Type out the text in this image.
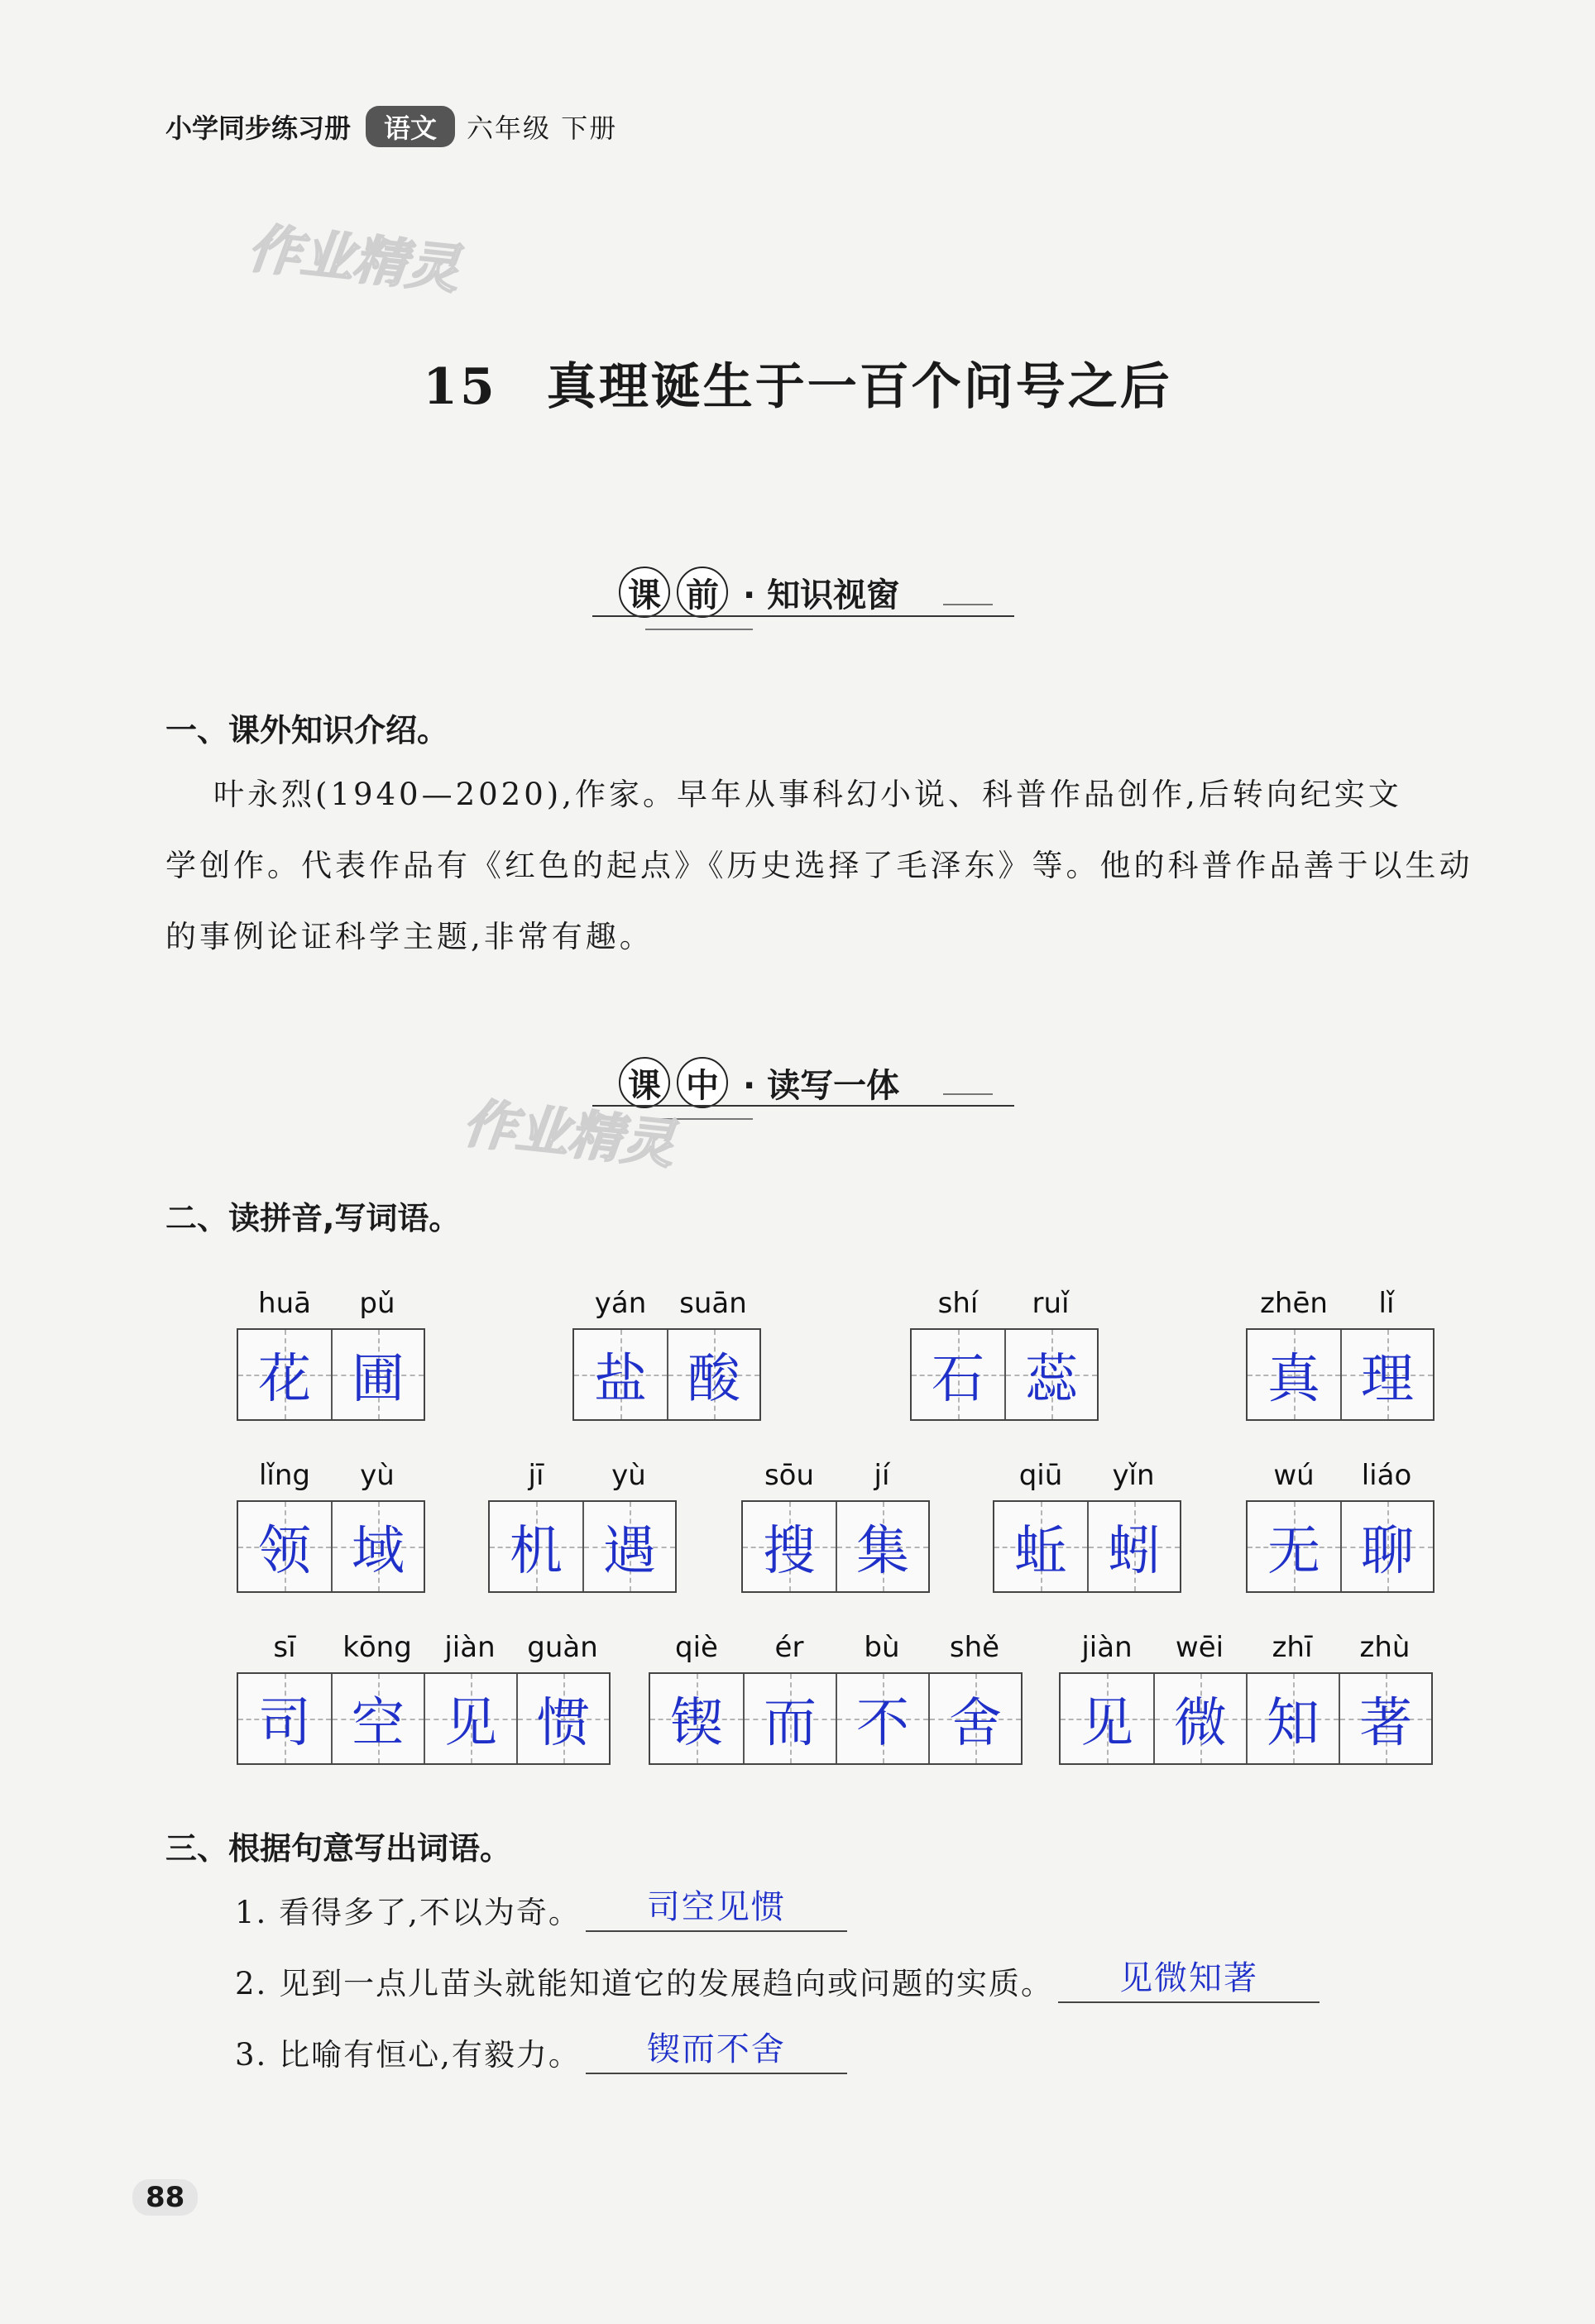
小学同步练习册	语文	六年级 下册
作业精灵
15 真理诞生于一百个问号之后
课 前 · 知识视窗
一、课外知识介绍。
叶永烈(1940—2020),作家。早年从事科幻小说、科普作品创作,后转向纪实文
学创作。代表作品有《红色的起点》《历史选择了毛泽东》等。他的科普作品善于以生动
的事例论证科学主题,非常有趣。
课 中 · 读写一体
作业精灵
二、读拼音,写词语。
huā	pǔ
花 圃
yán	suān
盐 酸
shí	ruǐ
石 蕊
zhēn	lǐ
真 理
lǐng	yù
领 域
jī	yù
机 遇
sōu	jí
搜 集
qiū	yǐn
蚯 蚓
wú	liáo
无 聊
sī	kōng	jiàn	guàn
司 空 见 惯
qiè	ér	bù	shě
锲 而 不 舍
jiàn	wēi	zhī	zhù
见 微 知 著
三、根据句意写出词语。
1. 看得多了,不以为奇。	司空见惯
2. 见到一点儿苗头就能知道它的发展趋向或问题的实质。	见微知著
3. 比喻有恒心,有毅力。	锲而不舍
88
